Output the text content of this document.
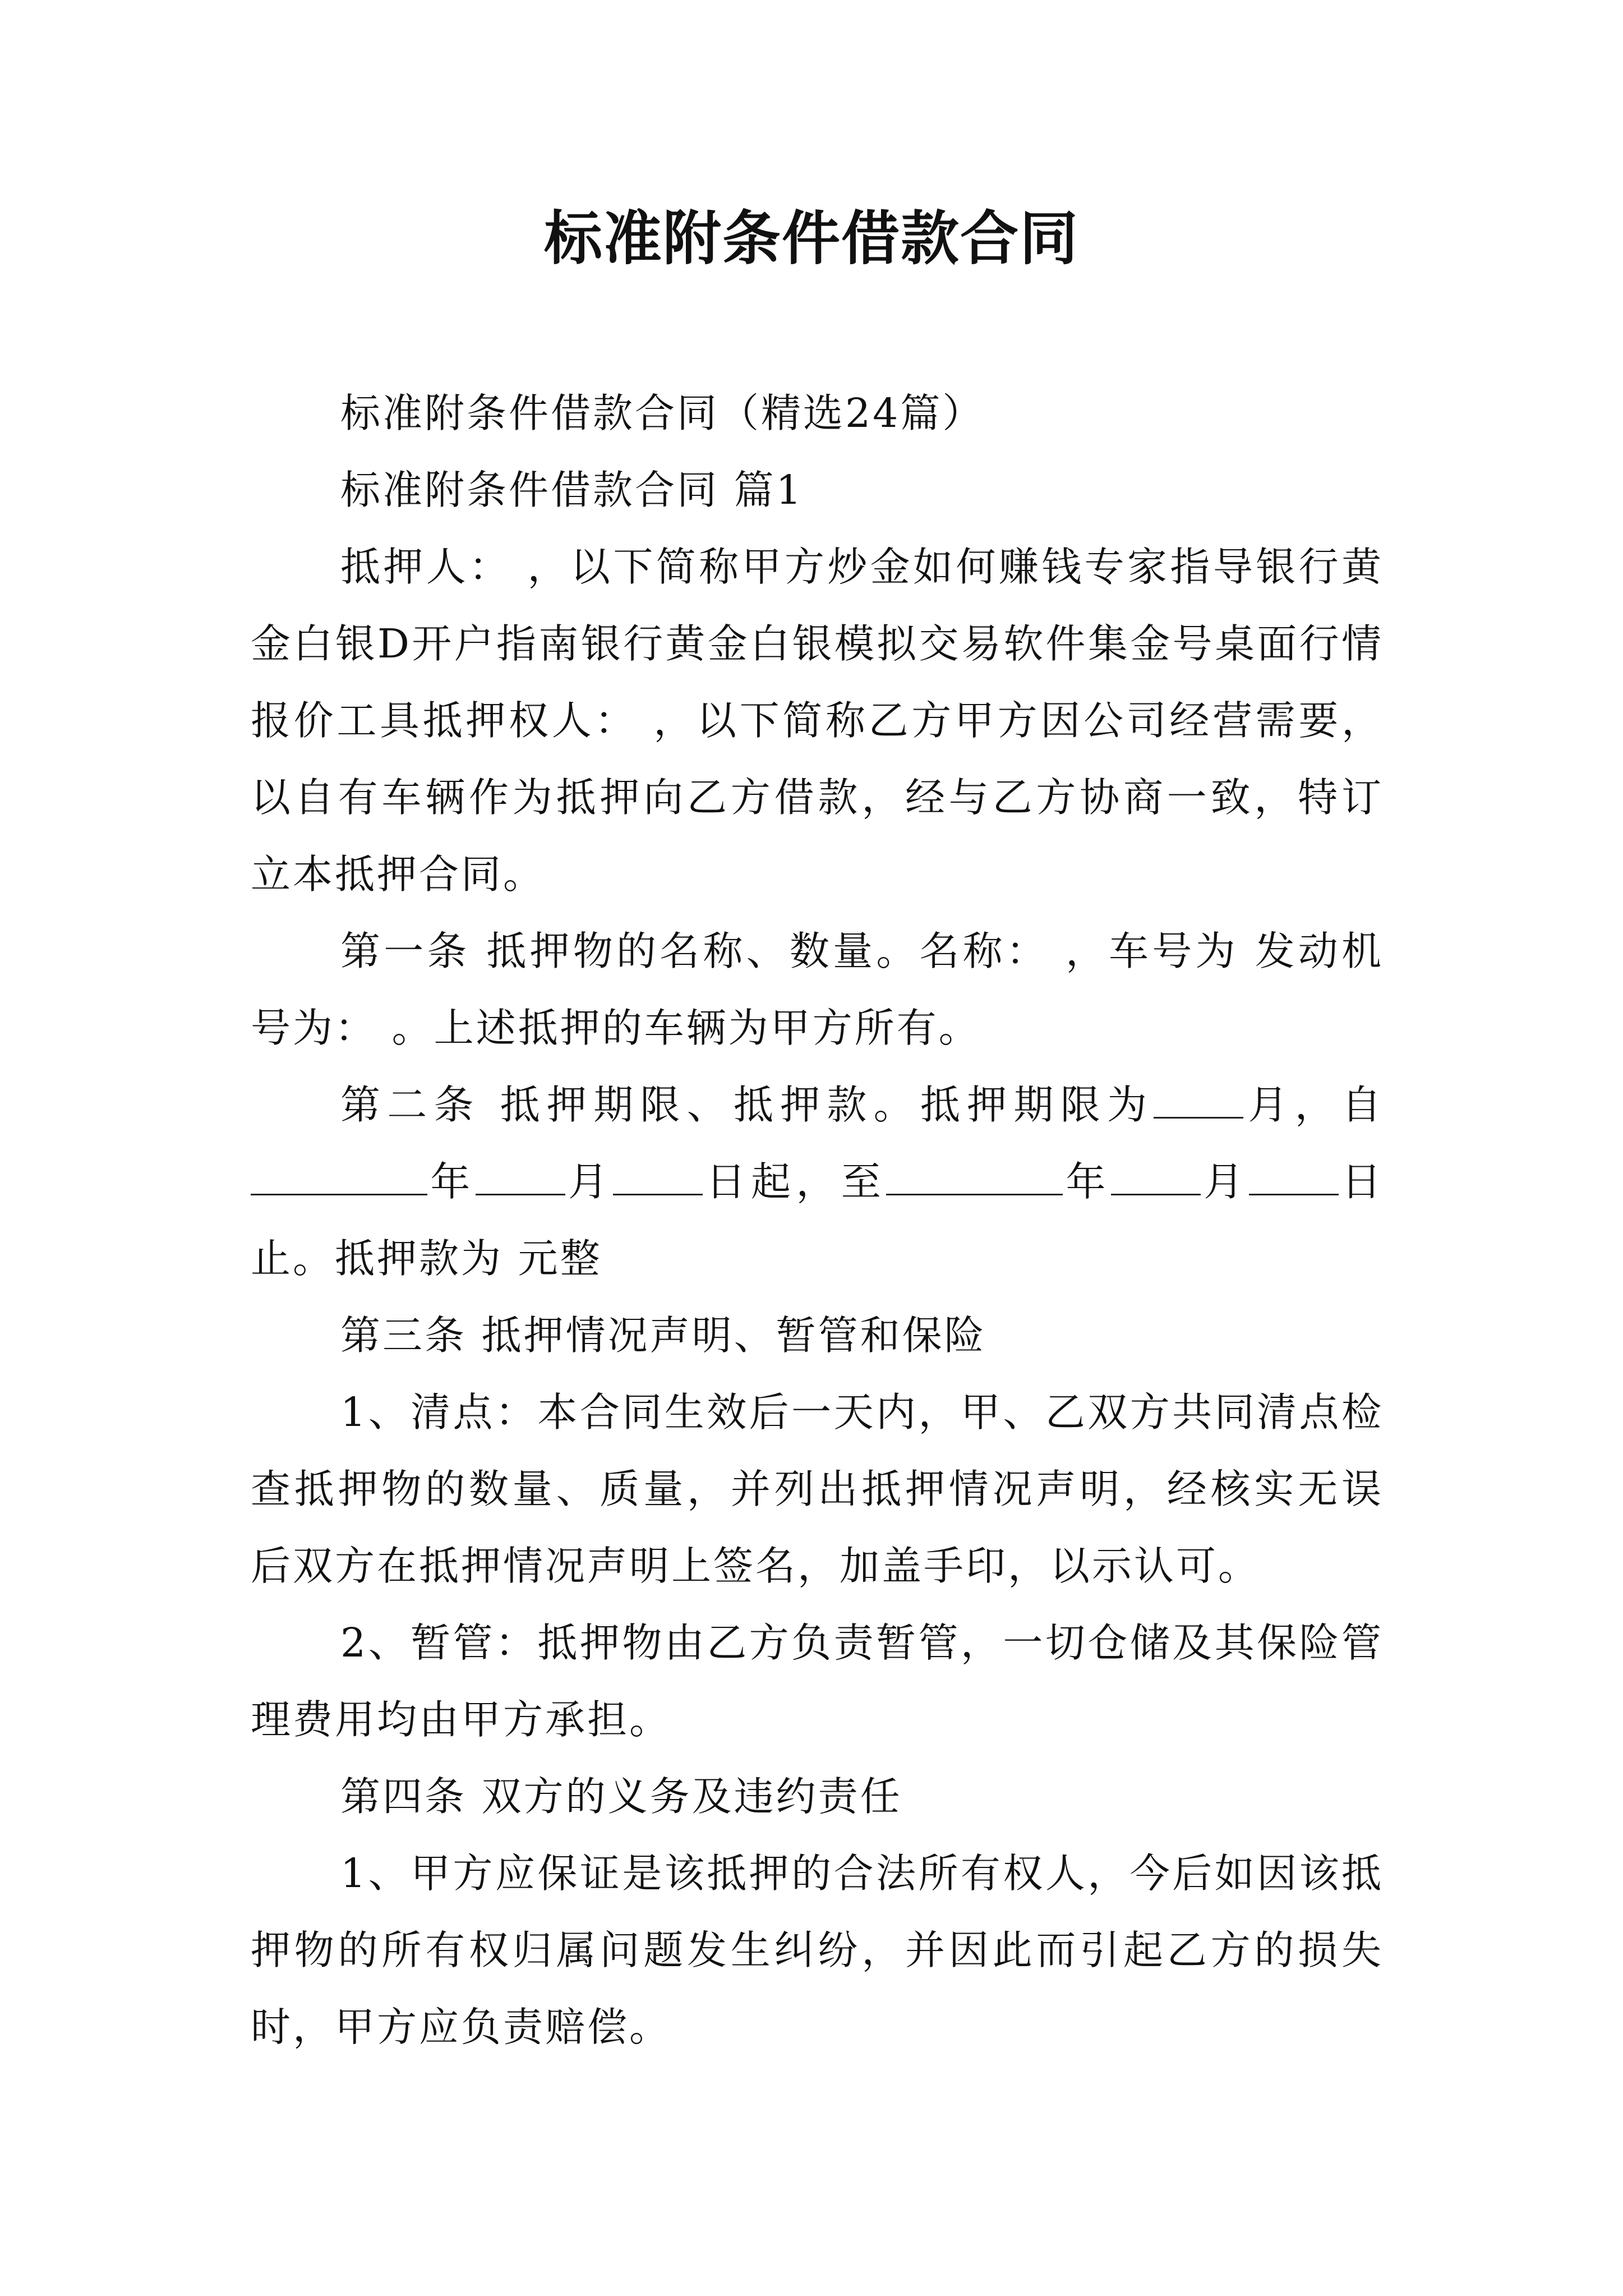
标准附条件借款合同

标准附条件借款合同（精选24篇）

标准附条件借款合同 篇1

抵押人： ，以下简称甲方炒金如何赚钱专家指导银行黄金白银D开户指南银行黄金白银模拟交易软件集金号桌面行情报价工具抵押权人： ，以下简称乙方甲方因公司经营需要，以自有车辆作为抵押向乙方借款，经与乙方协商一致，特订立本抵押合同。

第一条 抵押物的名称、数量。名称： ，车号为 发动机号为： 。上述抵押的车辆为甲方所有。

第二条 抵押期限、抵押款。抵押期限为 月，自年 月 日起，至	年 月 日止。抵押款为 元整

第三条 抵押情况声明、暂管和保险

1、清点：本合同生效后一天内，甲、乙双方共同清点检查抵押物的数量、质量，并列出抵押情况声明，经核实无误后双方在抵押情况声明上签名，加盖手印，以示认可。

2、暂管：抵押物由乙方负责暂管，一切仓储及其保险管理费用均由甲方承担。

第四条 双方的义务及违约责任

1、甲方应保证是该抵押的合法所有权人，今后如因该抵押物的所有权归属问题发生纠纷，并因此而引起乙方的损失时，甲方应负责赔偿。
